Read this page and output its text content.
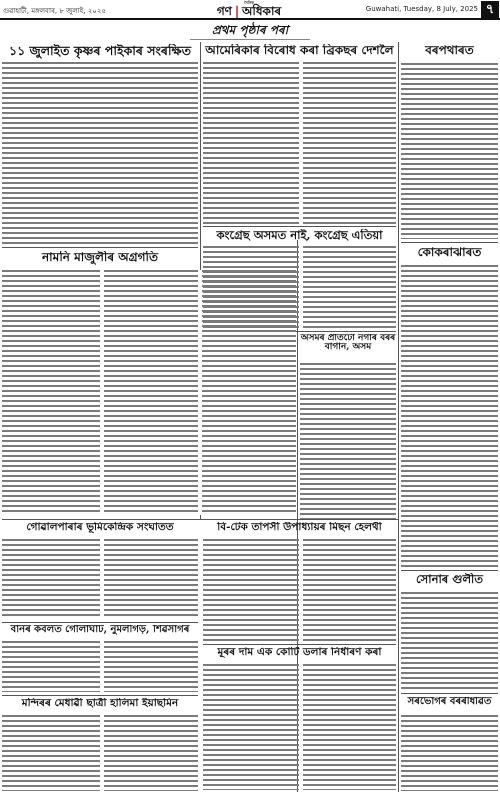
গুৱাহাটী, মঙ্গলবাৰ, ৮ জুলাই, ২০২৫
দৈনিক
গণ❘অধিকাৰ	Guwahati, Tuesday, 8 July, 2025 ৭
প্ৰথম পৃষ্ঠাৰ পৰা
১১ জুলাইত কৃষ্ণৰ পাইকাৰ সংৰক্ষিত	আমেৰিকাৰ বিৰোধ কৰা ব্ৰিকছৰ দেশলৈ	বৰপথাৰত
কংগ্ৰেছ অসমত নাই, কংগ্ৰেছ এতিয়া
কোকৰাঝাৰত
নামনি মাজুলীৰ অগ্ৰগতি
অসমৰ প্ৰতিটো নগাঁৰ বৰৰ বাগান, অসম
গোৱালপাৰাৰ ভূমিকেন্দ্ৰিক সংঘাতত	বি-টেক তাপসী উপাধ্যায়ৰ মিছন হেলথী
সোনাৰ গুলীত
বানৰ কবলত গোলাঘাট, নুমলীগড়, শিৱসাগৰ
মূৰৰ দাম এক কোটি ডলাৰ নিৰ্ধাৰণ কৰা
মন্দিৰৰ মেধাৱী ছাত্ৰী হালিমা ইয়াছমিন	সৰভোগৰ বৰৰীধৱিত
